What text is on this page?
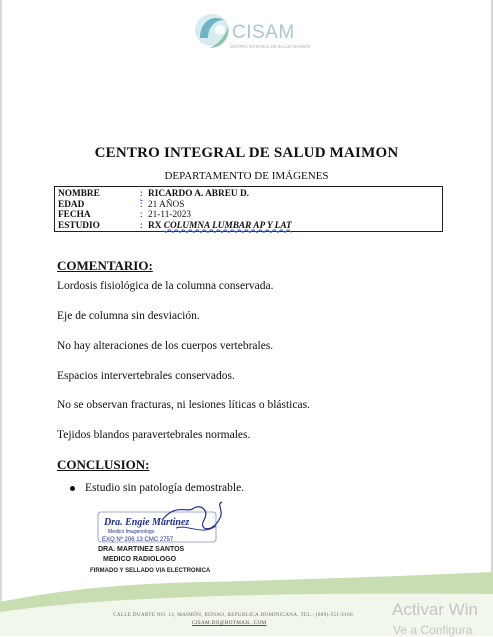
CISAM
CENTRO INTEGRAL DE SALUD MAIMON
CENTRO INTEGRAL DE SALUD MAIMON
DEPARTAMENTO DE IMÁGENES
NOMBRE	: RICARDO A. ABREU D.
EDAD	: 21 AÑOS
FECHA	: 21-11-2023
ESTUDIO	: RX COLUMNA LUMBAR AP Y LAT
COMENTARIO:
Lordosis fisiológica de la columna conservada.
Eje de columna sin desviación.
No hay alteraciones de los cuerpos vertebrales.
Espacios intervertebrales conservados.
No se observan fracturas, ni lesiones líticas o blásticas.
Tejidos blandos paravertebrales normales.
CONCLUSION:
Estudio sin patología demostrable.
Dra. Engie Martinez
Medico Imagenologo
EXQ Nº 206 13 CMC 2757
DRA. MARTINEZ SANTOS
MEDICO RADIOLOGO
FIRMADO Y SELLADO VIA ELECTRONICA
CALLE DUARTE NO. 13, MAIMÓN, BONAO, REPUBLICA DOMINICANA, TEL.: (809)-551-2166
CISAM.DO@HOTMAIL .COM
Activar Win
Ve a Configura
